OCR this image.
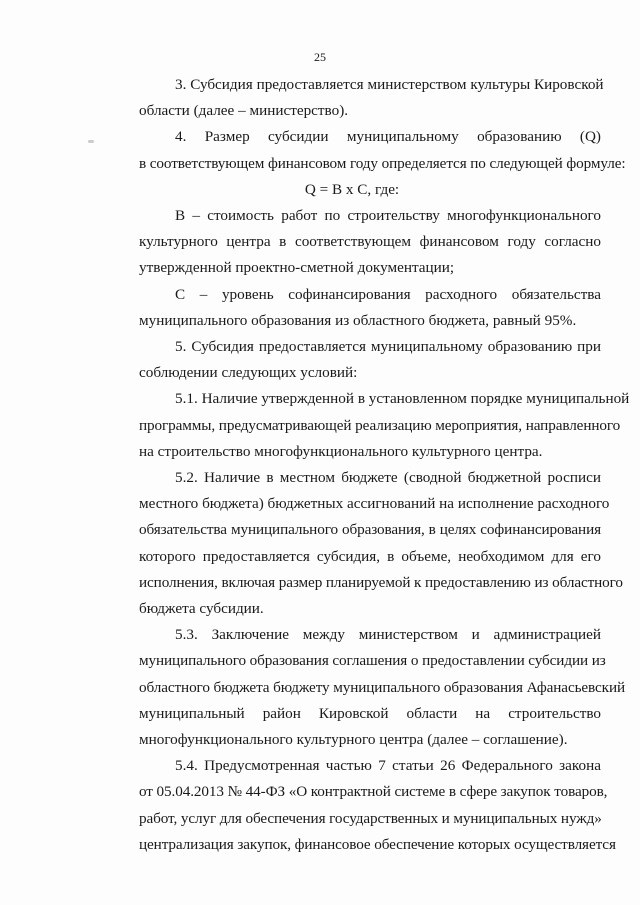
25
3. Субсидия предоставляется министерством культуры Кировской
области (далее – министерство).
4. Размер субсидии муниципальному образованию (Q)
в соответствующем финансовом году определяется по следующей формуле:
Q = B x C, где:
B – стоимость работ по строительству многофункционального
культурного центра в соответствующем финансовом году согласно
утвержденной проектно-сметной документации;
C – уровень софинансирования расходного обязательства
муниципального образования из областного бюджета, равный 95%.
5. Субсидия предоставляется муниципальному образованию при
соблюдении следующих условий:
5.1. Наличие утвержденной в установленном порядке муниципальной
программы, предусматривающей реализацию мероприятия, направленного
на строительство многофункционального культурного центра.
5.2. Наличие в местном бюджете (сводной бюджетной росписи
местного бюджета) бюджетных ассигнований на исполнение расходного
обязательства муниципального образования, в целях софинансирования
которого предоставляется субсидия, в объеме, необходимом для его
исполнения, включая размер планируемой к предоставлению из областного
бюджета субсидии.
5.3. Заключение между министерством и администрацией
муниципального образования соглашения о предоставлении субсидии из
областного бюджета бюджету муниципального образования Афанасьевский
муниципальный район Кировской области на строительство
многофункционального культурного центра (далее – соглашение).
5.4. Предусмотренная частью 7 статьи 26 Федерального закона
от 05.04.2013 № 44-ФЗ «О контрактной системе в сфере закупок товаров,
работ, услуг для обеспечения государственных и муниципальных нужд»
централизация закупок, финансовое обеспечение которых осуществляется
